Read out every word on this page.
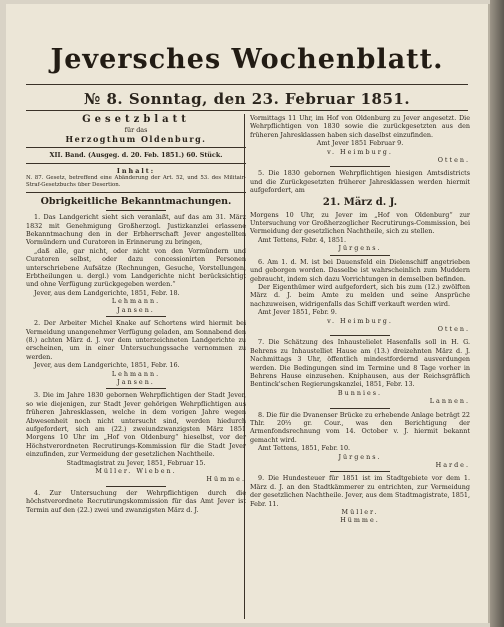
Jeversches Wochenblatt.
№ 8. Sonntag, den 23. Februar 1851.

Gesetzblatt

für das

Herzogthum Oldenburg.

XII. Band. (Ausgeg. d. 20. Feb. 1851.) 60. Stück.

Inhalt:

N. 87. Gesetz, betreffend eine Abänderung der Art. 52, und 53. des Militair-Straf-Gesetzbuchs über Desertion.

Obrigkeitliche Bekanntmachungen.

1. Das Landgericht sieht sich veranlaßt, auf das am 31. März 1832 mit Genehmigung Großherzogl. Justizkanzlei erlassene Bekanntmachung den in der Erbherrschaft Jever angestellten Vormündern und Curatoren in Erinnerung zu bringen,

„daß alle, gar nicht, oder nicht von den Vormündern und Curatoren selbst, oder dazu concessionirten Personen unterschriebene Aufsätze (Rechnungen, Gesuche, Vorstellungen, Erbtheilungen u. dergl.) vom Landgerichte nicht berücksichtigt und ohne Verfügung zurückgegeben werden.“

Jever, aus dem Landgerichte, 1851, Febr. 18.

Lehmann.

Jansen.

2. Der Arbeiter Michel Knake auf Schortens wird hiermit bei Vermeidung unangenehmer Verfügung geladen, am Sonnabend den (8.) achten März d. J. vor dem unterzeichneten Landgerichte zu erscheinen, um in einer Untersuchungssache vernommen zu werden.

Jever, aus dem Landgerichte, 1851, Febr. 16.

Lehmann.

Jansen.

3. Die im Jahre 1830 gebornen Wehrpflichtigen der Stadt Jever, so wie diejenigen, zur Stadt Jever gehörigen Wehrpflichtigen aus früheren Jahresklassen, welche in dem vorigen Jahre wegen Abwesenheit noch nicht untersucht sind, werden hiedurch aufgefordert, sich am (22.) zweiundzwanzigsten März 1851 Morgens 10 Uhr im „Hof von Oldenburg“ hieselbst, vor der Höchstverordneten Recrutirungs-Kommission für die Stadt Jever einzufinden, zur Vermeidung der gesetzlichen Nachtheile.

Stadtmagistrat zu Jever, 1851, Februar 15.

Müller. Wieben.

Hümme.

4. Zur Untersuchung der Wehrpflichtigen durch die höchstverordnete Recrutirungskommission für das Amt Jever ist Termin auf den (22.) zwei und zwanzigsten März d. J.

Vormittags 11 Uhr, im Hof von Oldenburg zu Jever angesetzt. Die Wehrpflichtigen von 1830 sowie die zurückgesetzten aus den früheren Jahresklassen haben sich daselbst einzufinden.

Amt Jever 1851 Februar 9.

v. Heimburg.

Otten.

5. Die 1830 gebornen Wehrpflichtigen hiesigen Amtsdistricts und die Zurückgesetzten früherer Jahresklassen werden hiermit aufgefordert, am

21. März d. J.

Morgens 10 Uhr, zu Jever im „Hof von Oldenburg“ zur Untersuchung vor Großherzoglicher Recrutirungs-Commission, bei Vermeidung der gesetzlichen Nachtheile, sich zu stellen.

Amt Tettens, Febr. 4, 1851.

Jürgens.

6. Am 1. d. M. ist bei Dauensfeld ein Dielenschiff angetrieben und geborgen worden. Dasselbe ist wahrscheinlich zum Muddern gebraucht, indem sich dazu Vorrichtungen in demselben befinden.

Der Eigenthümer wird aufgefordert, sich bis zum (12.) zwölften März d. J. beim Amte zu melden und seine Ansprüche nachzuweisen, widrigenfalls das Schiff verkauft werden wird.

Amt Jever 1851, Febr. 9.

v. Heimburg.

Otten.

7. Die Schätzung des Inhaustelielet Hasenfalls soll in H. G. Behrens zu Inhaustelliet Hause am (13.) dreizehnten März d. J. Nachmittags 3 Uhr, öffentlich mindestfordernd ausverdungen werden. Die Bedingungen sind im Termine und 8 Tage vorher in Behrens Hause einzusehen. Kniphausen, aus der Reichsgräflich Bentinck'schen Regierungskanzlei, 1851, Febr. 13.

Bunnies.

Lannen.

8. Die für die Dvanenser Brücke zu erhebende Anlage beträgt 22 Thlr. 20⅔ gr. Cour., was den Berichtigung der Armenfondsrechnung vom 14. October v. J. hiermit bekannt gemacht wird.

Amt Tettens, 1851, Febr. 10.

Jürgens.

Harde.

9. Die Hundesteuer für 1851 ist im Stadtgebiete vor dem 1. März d. J. an den Stadtkämmerer zu entrichten, zur Vermeidung der gesetzlichen Nachtheile. Jever, aus dem Stadtmagistrate, 1851, Febr. 11.

Müller.

Hümme.
